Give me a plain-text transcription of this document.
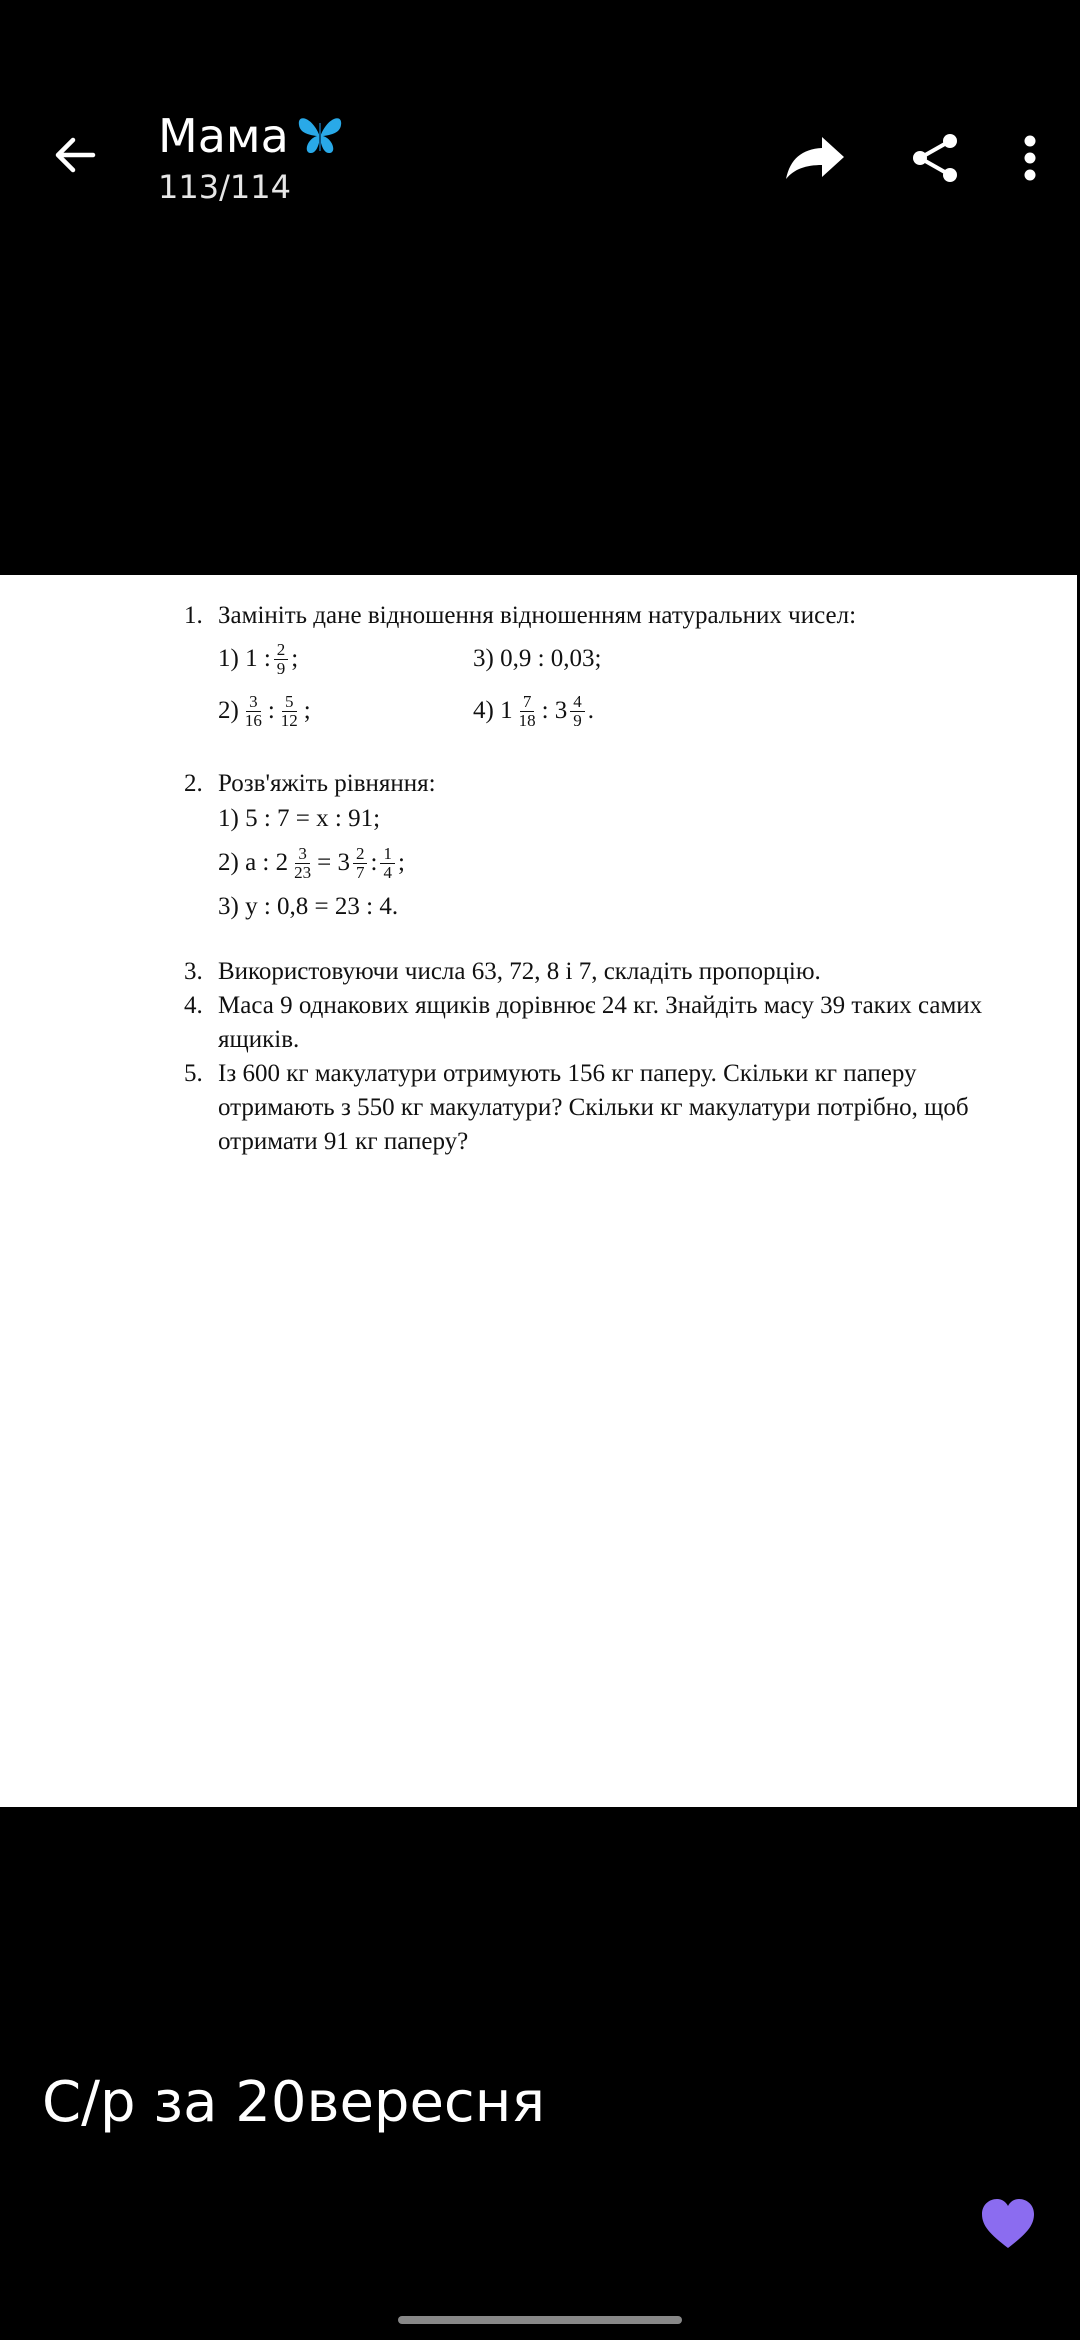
Мама
113/114
1. Замініть дане відношення відношенням натуральних чисел:
1)
1 : $\frac{2}{9}$ ;	3) 0,9 : 0,03;
$2) \frac{3}{16}$ : $\frac{5}{12}$ ;	4)
$1 \frac{7}{18}$ : $3 \frac{4}{9}$ .
2. Розв'яжіть рівняння:
1) 5 : 7 = x : 91;
2) a : $2 \frac{3}{23} = 3 \frac{2}{7}$ : $\frac{1}{4}$ ;
3) y : 0,8 = 23 : 4.
3. Використовуючи числа 63, 72, 8 і 7, складіть пропорцію.
4. Маса 9 однакових ящиків дорівнює 24 кг. Знайдіть масу 39 таких самих ящиків.
5. Із 600 кг макулатури отримують 156 кг паперу. Скільки кг паперу отримають з 550 кг макулатури? Скільки кг макулатури потрібно, щоб отримати 91 кг паперу?
С/р за 20вересня
